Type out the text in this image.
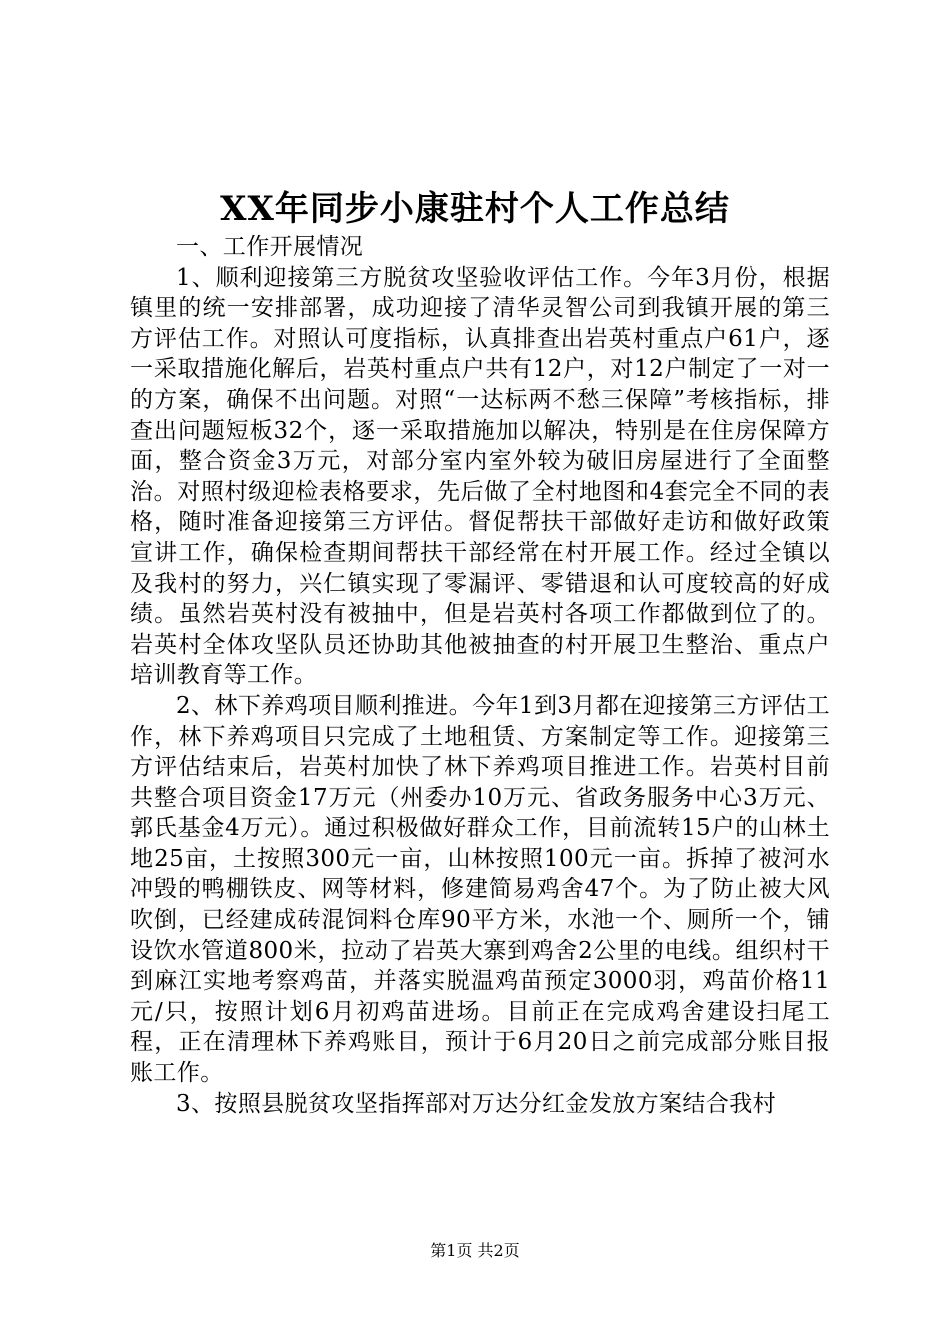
XX年同步小康驻村个人工作总结

一、工作开展情况

1、顺利迎接第三方脱贫攻坚验收评估工作。今年3月份，根据镇里的统一安排部署，成功迎接了清华灵智公司到我镇开展的第三方评估工作。对照认可度指标，认真排查出岩英村重点户61户，逐一采取措施化解后，岩英村重点户共有12户，对12户制定了一对一的方案，确保不出问题。对照“一达标两不愁三保障”考核指标，排查出问题短板32个，逐一采取措施加以解决，特别是在住房保障方面，整合资金3万元，对部分室内室外较为破旧房屋进行了全面整治。对照村级迎检表格要求，先后做了全村地图和4套完全不同的表格，随时准备迎接第三方评估。督促帮扶干部做好走访和做好政策宣讲工作，确保检查期间帮扶干部经常在村开展工作。经过全镇以及我村的努力，兴仁镇实现了零漏评、零错退和认可度较高的好成绩。虽然岩英村没有被抽中，但是岩英村各项工作都做到位了的。岩英村全体攻坚队员还协助其他被抽查的村开展卫生整治、重点户培训教育等工作。

2、林下养鸡项目顺利推进。今年1到3月都在迎接第三方评估工作，林下养鸡项目只完成了土地租赁、方案制定等工作。迎接第三方评估结束后，岩英村加快了林下养鸡项目推进工作。岩英村目前共整合项目资金17万元（州委办10万元、省政务服务中心3万元、郭氏基金4万元）。通过积极做好群众工作，目前流转15户的山林土地25亩，土按照300元一亩，山林按照100元一亩。拆掉了被河水冲毁的鸭棚铁皮、网等材料，修建简易鸡舍47个。为了防止被大风吹倒，已经建成砖混饲料仓库90平方米，水池一个、厕所一个，铺设饮水管道800米，拉动了岩英大寨到鸡舍2公里的电线。组织村干到麻江实地考察鸡苗，并落实脱温鸡苗预定3000羽，鸡苗价格11元/只，按照计划6月初鸡苗进场。目前正在完成鸡舍建设扫尾工程，正在清理林下养鸡账目，预计于6月20日之前完成部分账目报账工作。

3、按照县脱贫攻坚指挥部对万达分红金发放方案结合我村

第1页 共2页
